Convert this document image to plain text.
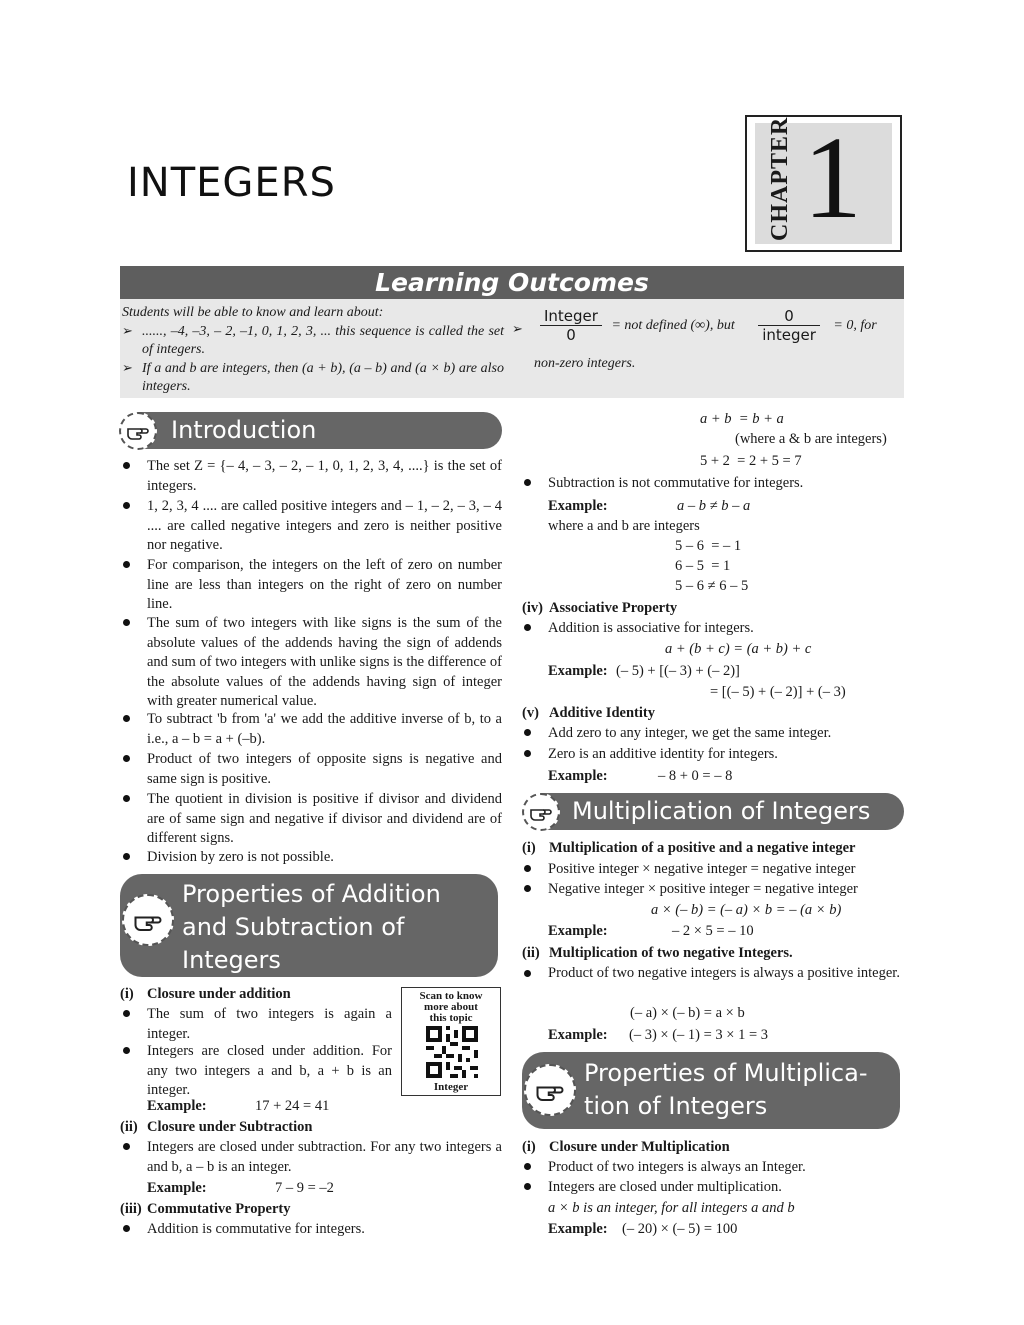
INTEGERS	CHAPTER 1
Learning Outcomes
Students will be able to know and learn about:
➢ ......, –4, –3, – 2, –1, 0, 1, 2, 3, ... this sequence is called the set of integers.
➢ If a and b are integers, then (a + b), (a – b) and (a × b) are also integers.
➢ $\frac{\text{Integer}}{0}$ = not defined (∞), but $\frac{0}{\text{integer}} = 0$, for
non-zero integers.
Introduction
The set Z = {– 4, – 3, – 2, – 1, 0, 1, 2, 3, 4, ....} is the set of integers.
1, 2, 3, 4 .... are called positive integers and – 1, – 2, – 3, – 4 .... are called negative integers and zero is neither positive nor negative.
For comparison, the integers on the left of zero on number line are less than integers on the right of zero on number line.
The sum of two integers with like signs is the sum of the absolute values of the addends having the sign of addends and sum of two integers with unlike signs is the difference of the absolute values of the addends having sign of integer with greater numerical value.
To subtract 'b from 'a' we add the additive inverse of b, to a i.e., a – b = a + (–b).
Product of two integers of opposite signs is negative and same sign is positive.
The quotient in division is positive if divisor and dividend are of same sign and negative if divisor and dividend are of different signs.
Division by zero is not possible.
Properties of Addition
and Subtraction of
Integers
(i) Closure under addition
The sum of two integers is again a integer.
Integers are closed under addition. For any two integers a and b, a + b is an integer.
Example:	17 + 24 = 41
Scan to know
more about
this topic
Integer
(ii) Closure under Subtraction
Integers are closed under subtraction. For any two integers a and b, a – b is an integer.
Example:	7 – 9 = –2
(iii) Commutative Property
Addition is commutative for integers.
a + b  = b + a
(where a & b are integers)
5 + 2  = 2 + 5 = 7
Subtraction is not commutative for integers.
Example:	a – b ≠ b – a
where a and b are integers
5 – 6  = – 1
6 – 5  = 1
5 – 6 ≠ 6 – 5
(iv) Associative Property
Addition is associative for integers.
a + (b + c) = (a + b) + c
Example: (– 5) + [(– 3) + (– 2)]
= [(– 5) + (– 2)] + (– 3)
(v) Additive Identity
Add zero to any integer, we get the same integer.
Zero is an additive identity for integers.
Example:	– 8 + 0 = – 8
Multiplication of Integers
(i) Multiplication of a positive and a negative integer
Positive integer × negative integer = negative integer
Negative integer × positive integer = negative integer
a × (– b) = (– a) × b = – (a × b)
Example:	– 2 × 5 = – 10
(ii) Multiplication of two negative Integers.
Product of two negative integers is always a positive integer.
(– a) × (– b) = a × b
Example: (– 3) × (– 1) = 3 × 1 = 3
Properties of Multiplica-
tion of Integers
(i) Closure under Multiplication
Product of two integers is always an Integer.
Integers are closed under multiplication.
a × b is an integer, for all integers a and b
Example: (– 20) × (– 5) = 100
